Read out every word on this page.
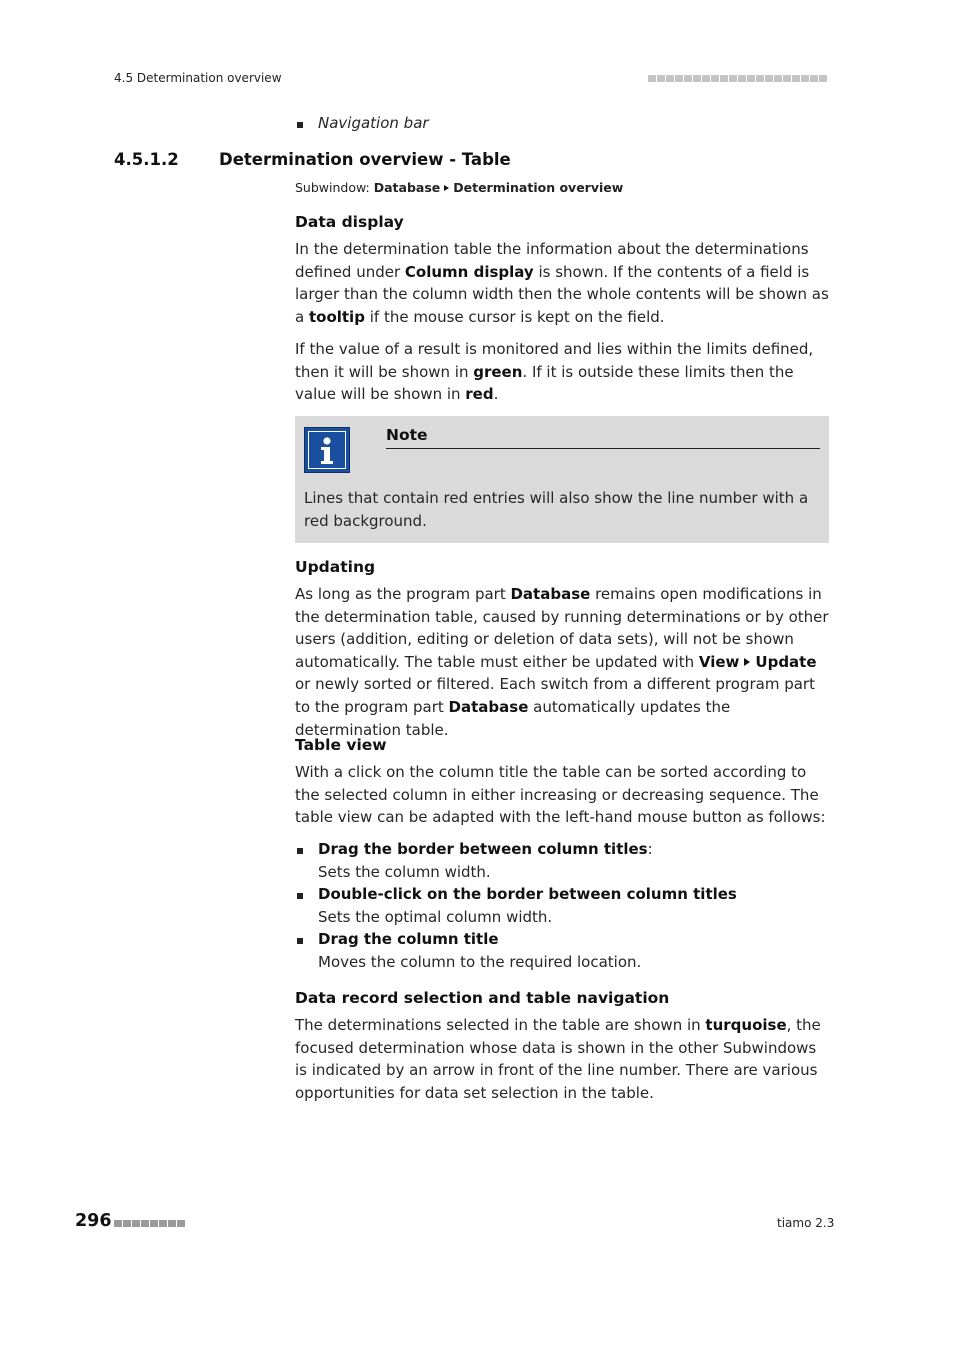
4.5 Determination overview
Navigation bar
4.5.1.2 Determination overview - Table
Subwindow: Database Determination overview
Data display
In the determination table the information about the determinations defined under Column display is shown. If the contents of a field is larger than the column width then the whole contents will be shown as a tooltip if the mouse cursor is kept on the field.
If the value of a result is monitored and lies within the limits defined, then it will be shown in green. If it is outside these limits then the value will be shown in red.
Note
Lines that contain red entries will also show the line number with a red background.
Updating
As long as the program part Database remains open modifications in the determination table, caused by running determinations or by other users (addition, editing or deletion of data sets), will not be shown automatically. The table must either be updated with View Update or newly sorted or filtered. Each switch from a different program part to the program part Database automatically updates the determination table.
Table view
With a click on the column title the table can be sorted according to the selected column in either increasing or decreasing sequence. The table view can be adapted with the left-hand mouse button as follows:
Drag the border between column titles:
Sets the column width.
Double-click on the border between column titles
Sets the optimal column width.
Drag the column title
Moves the column to the required location.
Data record selection and table navigation
The determinations selected in the table are shown in turquoise, the focused determination whose data is shown in the other Subwindows is indicated by an arrow in front of the line number. There are various opportunities for data set selection in the table.
296	tiamo 2.3
